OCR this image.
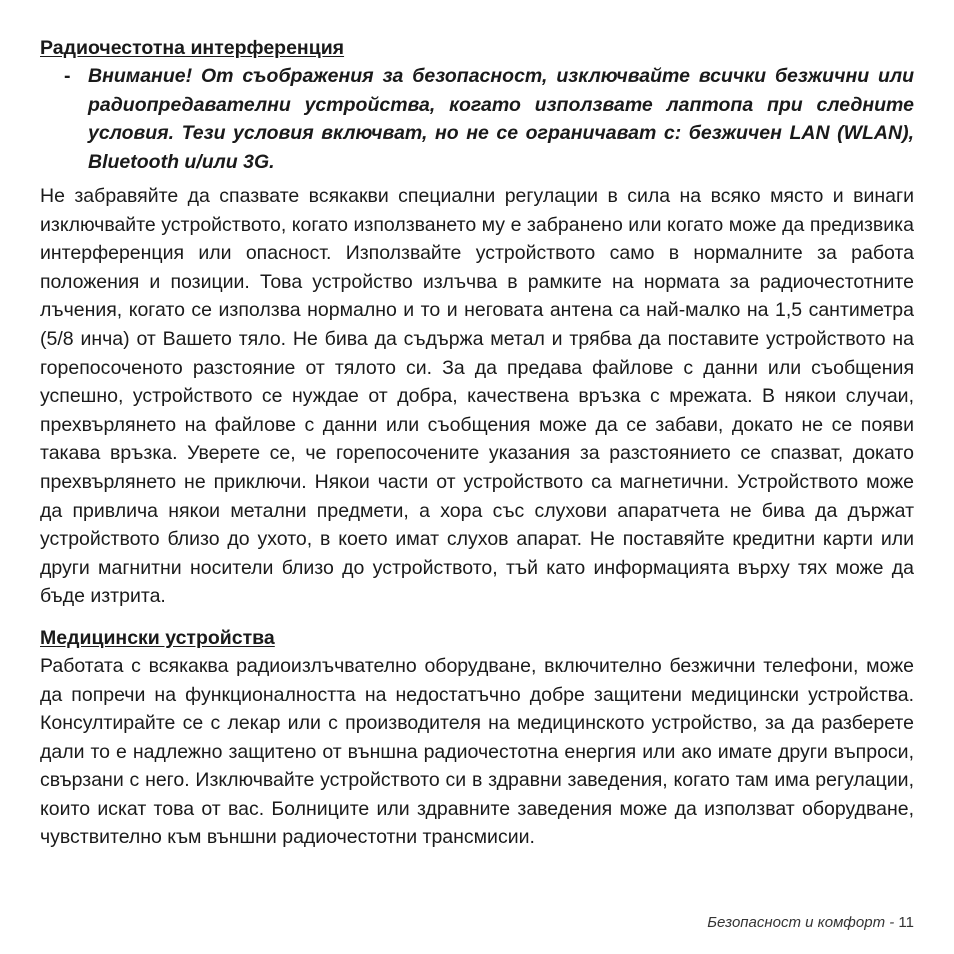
Радиочестотна интерференция
- Внимание! От съображения за безопасност, изключвайте всички безжични или радиопредавателни устройства, когато използвате лаптопа при следните условия. Тези условия включват, но не се ограничават с: безжичен LAN (WLAN), Bluetooth и/или 3G.

Не забравяйте да спазвате всякакви специални регулации в сила на всяко място и винаги изключвайте устройството, когато използването му е забранено или когато може да предизвика интерференция или опасност. Използвайте устройството само в нормалните за работа положения и позиции. Това устройство излъчва в рамките на нормата за радиочестотните лъчения, когато се използва нормално и то и неговата антена са най-малко на 1,5 сантиметра (5/8 инча) от Вашето тяло. Не бива да съдържа метал и трябва да поставите устройството на горепосоченото разстояние от тялото си. За да предава файлове с данни или съобщения успешно, устройството се нуждае от добра, качествена връзка с мрежата. В някои случаи, прехвърлянето на файлове с данни или съобщения може да се забави, докато не се появи такава връзка. Уверете се, че горепосочените указания за разстоянието се спазват, докато прехвърлянето не приключи. Някои части от устройството са магнетични. Устройството може да привлича някои метални предмети, а хора със слухови апаратчета не бива да държат устройството близо до ухото, в което имат слухов апарат. Не поставяйте кредитни карти или други магнитни носители близо до устройството, тъй като информацията върху тях може да бъде изтрита.

Медицински устройства

Работата с всякаква радиоизлъчвателно оборудване, включително безжични телефони, може да попречи на функционалността на недостатъчно добре защитени медицински устройства. Консултирайте се с лекар или с производителя на медицинското устройство, за да разберете дали то е надлежно защитено от външна радиочестотна енергия или ако имате други въпроси, свързани с него. Изключвайте устройството си в здравни заведения, когато там има регулации, които искат това от вас. Болниците или здравните заведения може да използват оборудване, чувствително към външни радиочестотни трансмисии.

Безопасност и комфорт - 11
